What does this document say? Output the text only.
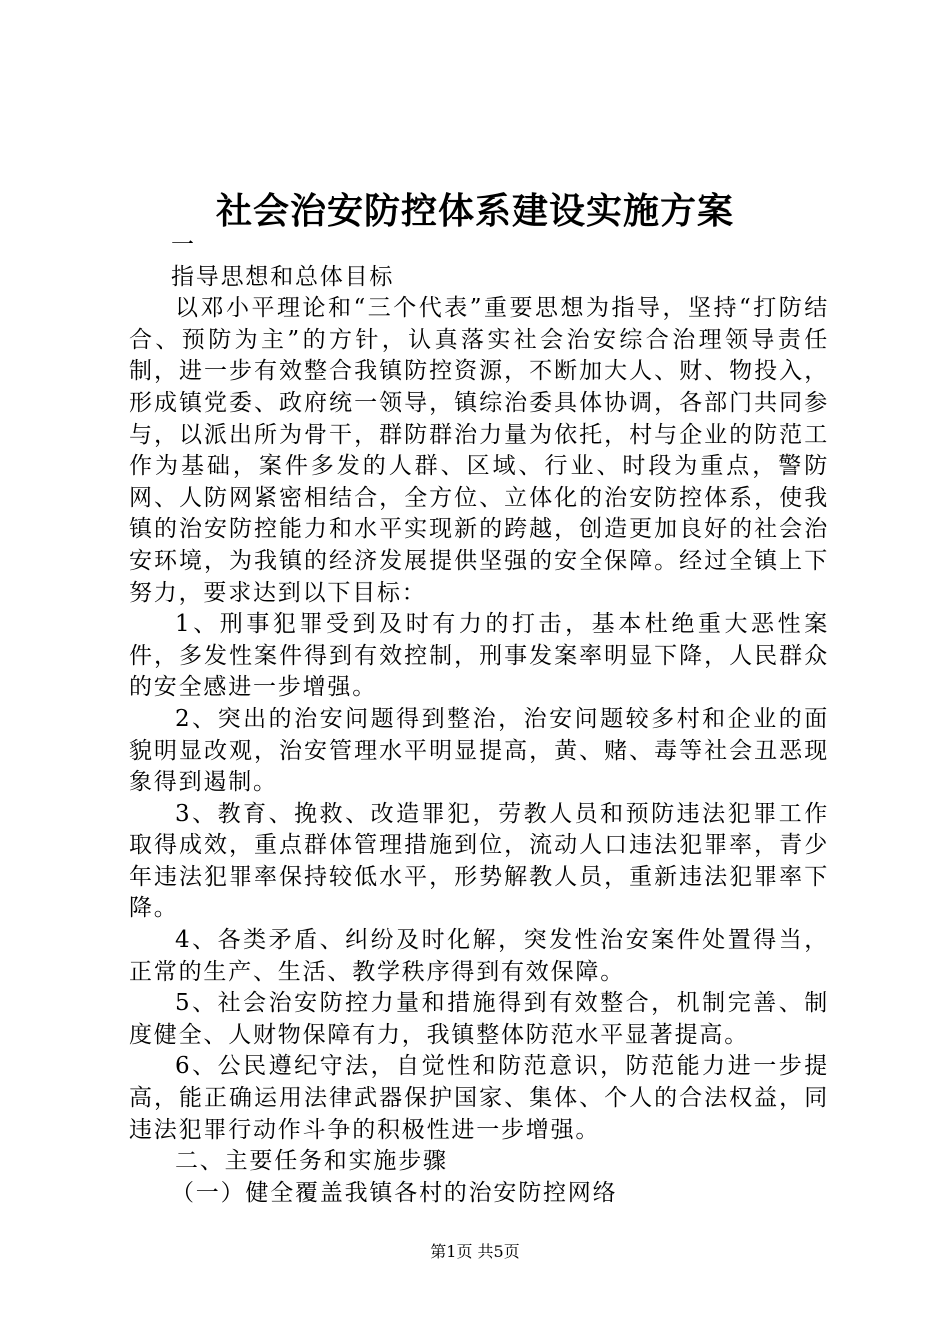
社会治安防控体系建设实施方案

一

指导思想和总体目标

以邓小平理论和“三个代表”重要思想为指导，坚持“打防结合、预防为主”的方针，认真落实社会治安综合治理领导责任制，进一步有效整合我镇防控资源，不断加大人、财、物投入，形成镇党委、政府统一领导，镇综治委具体协调，各部门共同参与，以派出所为骨干，群防群治力量为依托，村与企业的防范工作为基础，案件多发的人群、区域、行业、时段为重点，警防网、人防网紧密相结合，全方位、立体化的治安防控体系，使我镇的治安防控能力和水平实现新的跨越，创造更加良好的社会治安环境，为我镇的经济发展提供坚强的安全保障。经过全镇上下努力，要求达到以下目标：

1、刑事犯罪受到及时有力的打击，基本杜绝重大恶性案件，多发性案件得到有效控制，刑事发案率明显下降，人民群众的安全感进一步增强。

2、突出的治安问题得到整治，治安问题较多村和企业的面貌明显改观，治安管理水平明显提高，黄、赌、毒等社会丑恶现象得到遏制。

3、教育、挽救、改造罪犯，劳教人员和预防违法犯罪工作取得成效，重点群体管理措施到位，流动人口违法犯罪率，青少年违法犯罪率保持较低水平，形势解教人员，重新违法犯罪率下降。

4、各类矛盾、纠纷及时化解，突发性治安案件处置得当，正常的生产、生活、教学秩序得到有效保障。

5、社会治安防控力量和措施得到有效整合，机制完善、制度健全、人财物保障有力，我镇整体防范水平显著提高。

6、公民遵纪守法，自觉性和防范意识，防范能力进一步提高，能正确运用法律武器保护国家、集体、个人的合法权益，同违法犯罪行动作斗争的积极性进一步增强。

二、主要任务和实施步骤

（一）健全覆盖我镇各村的治安防控网络

第1页 共5页
